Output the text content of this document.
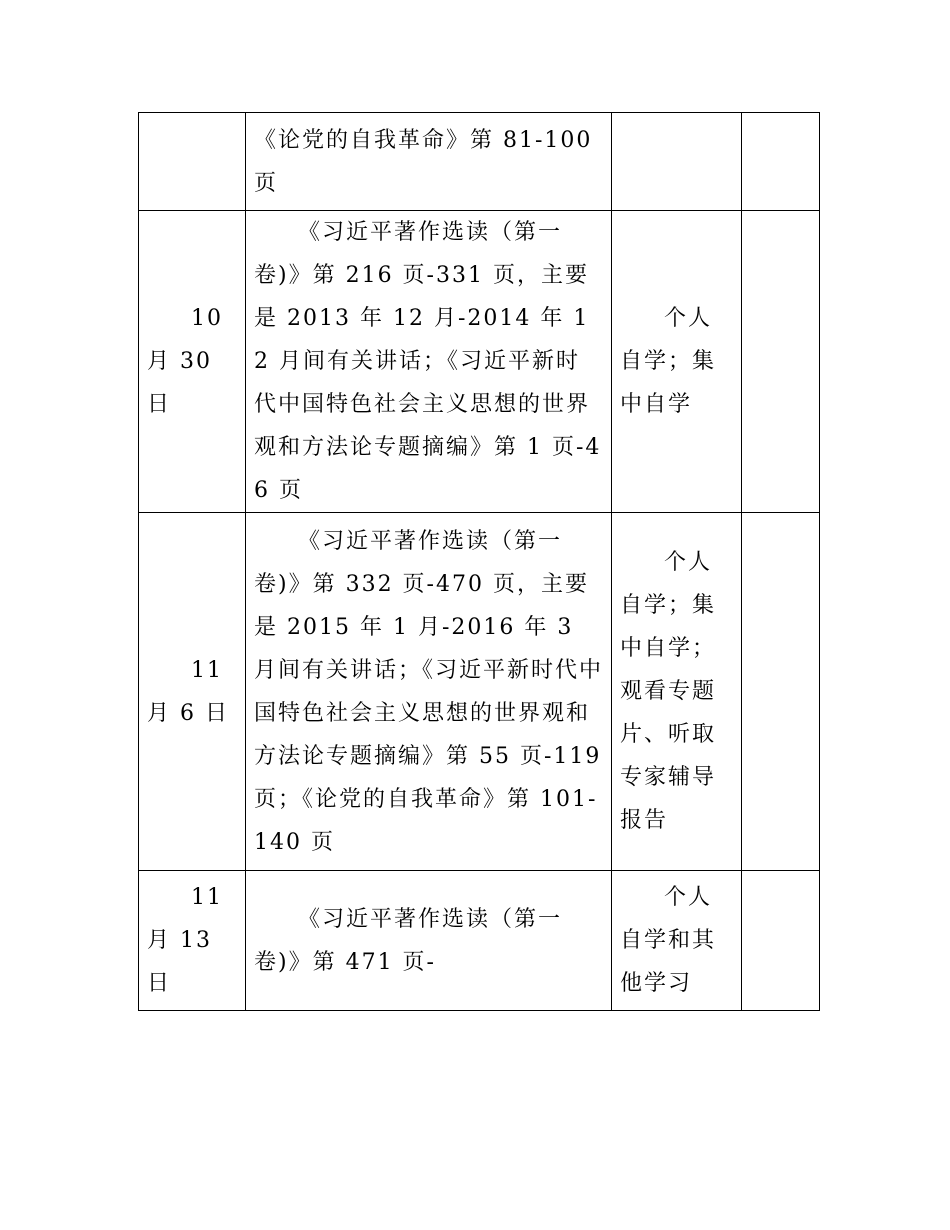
	《论党的自我革命》第 81-100 页		
10 月 30 日	《习近平著作选读（第一卷)》第 216 页-331 页，主要是 2013 年 12 月-2014 年 12 月间有关讲话；《习近平新时代中国特色社会主义思想的世界观和方法论专题摘编》第 1 页-46 页	个人自学；集中自学	
11 月 6 日	《习近平著作选读（第一卷)》第 332 页-470 页，主要是 2015 年 1 月-2016 年 3 月间有关讲话；《习近平新时代中国特色社会主义思想的世界观和方法论专题摘编》第 55 页-119 页；《论党的自我革命》第 101-140 页	个人自学；集中自学；观看专题片、听取专家辅导报告	
11 月 13 日	《习近平著作选读（第一卷)》第 471 页-	个人自学和其他学习	
